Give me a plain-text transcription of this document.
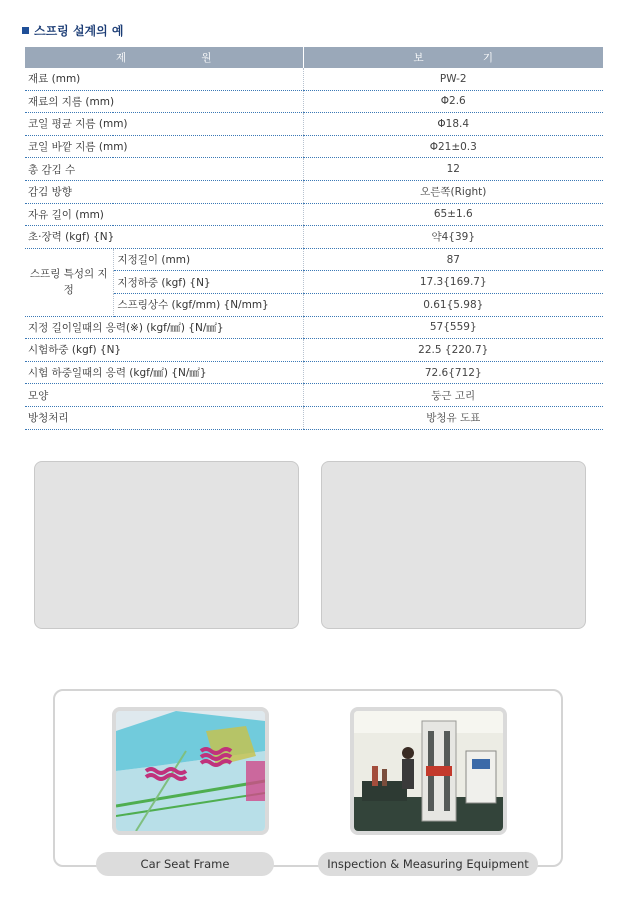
스프링 설계의 예
제 원		보 기
재료 (mm)		PW-2
재료의 지름 (mm)		Φ2.6
코일 평균 지름 (mm)		Φ18.4
코일 바깥 지름 (mm)		Φ21±0.3
총 감김 수		12
감김 방향		오른쪽(Right)
자유 길이 (mm)		65±1.6
초·장력 (kgf) {N}		약4{39}
스프링 특성의 지정	지정길이 (mm)	87
	지정하중 (kgf) {N}	17.3{169.7}
	스프링상수 (kgf/mm) {N/mm}	0.61{5.98}
지정 길이일때의 응력(※) (kgf/㎟) {N/㎟}		57{559}
시험하중 (kgf) {N}		22.5 {220.7}
시험 하중일때의 응력 (kgf/㎟) {N/㎟}		72.6{712}
모양		둥근 고리
방청처리		방청유 도표
Car Seat Frame	Inspection & Measuring Equipment
